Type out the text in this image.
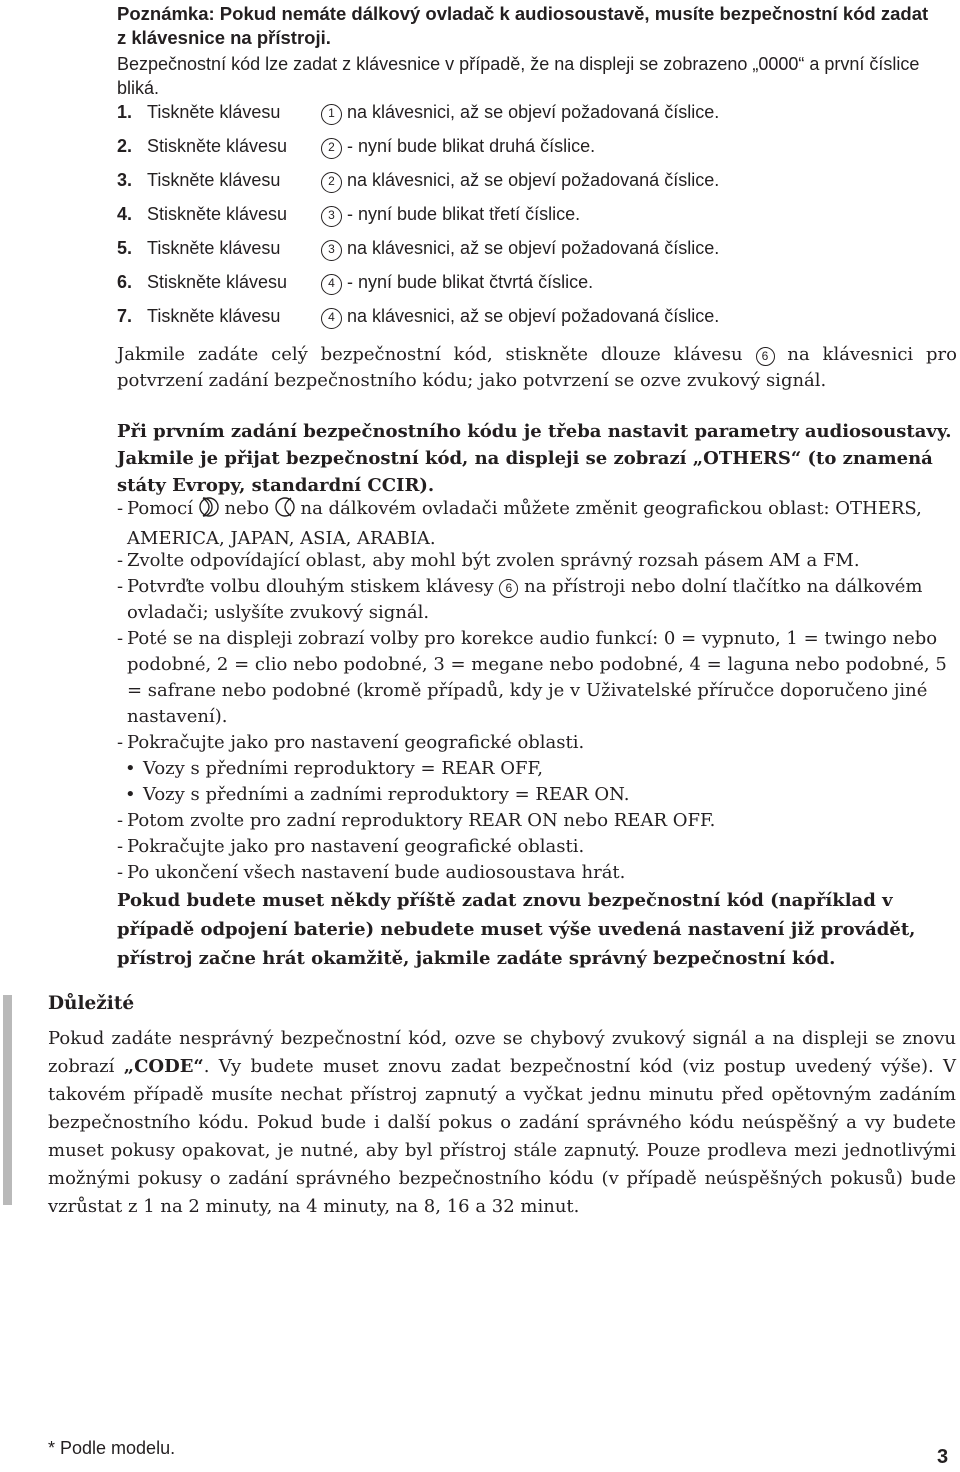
Poznámka: Pokud nemáte dálkový ovladač k audiosoustavě, musíte bezpečnostní kód zadat z klávesnice na přístroji.
Bezpečnostní kód lze zadat z klávesnice v případě, že na displeji se zobrazeno „0000“ a první číslice bliká.
1. Tiskněte klávesu	1 na klávesnici, až se objeví požadovaná číslice.
2. Stiskněte klávesu	2 - nyní bude blikat druhá číslice.
3. Tiskněte klávesu	2 na klávesnici, až se objeví požadovaná číslice.
4. Stiskněte klávesu	3 - nyní bude blikat třetí číslice.
5. Tiskněte klávesu	3 na klávesnici, až se objeví požadovaná číslice.
6. Stiskněte klávesu	4 - nyní bude blikat čtvrtá číslice.
7. Tiskněte klávesu	4 na klávesnici, až se objeví požadovaná číslice.
Jakmile zadáte celý bezpečnostní kód, stiskněte dlouze klávesu 6 na klávesnici pro potvrzení zadání bezpečnostního kódu; jako potvrzení se ozve zvukový signál.
Při prvním zadání bezpečnostního kódu je třeba nastavit parametry audiosoustavy.
Jakmile je přijat bezpečnostní kód, na displeji se zobrazí „OTHERS“ (to znamená státy Evropy, standardní CCIR).
- Pomocí nebo na dálkovém ovladači můžete změnit geografickou oblast: OTHERS, AMERICA, JAPAN, ASIA, ARABIA.
- Zvolte odpovídající oblast, aby mohl být zvolen správný rozsah pásem AM a FM.
- Potvrďte volbu dlouhým stiskem klávesy 6 na přístroji nebo dolní tlačítko na dálkovém ovladači; uslyšíte zvukový signál.
- Poté se na displeji zobrazí volby pro korekce audio funkcí: 0 = vypnuto, 1 = twingo nebo podobné, 2 = clio nebo podobné, 3 = megane nebo podobné, 4 = laguna nebo podobné, 5 = safrane nebo podobné (kromě případů, kdy je v Uživatelské příručce doporučeno jiné nastavení).
- Pokračujte jako pro nastavení geografické oblasti.
• Vozy s předními reproduktory = REAR OFF,
• Vozy s předními a zadními reproduktory = REAR ON.
- Potom zvolte pro zadní reproduktory REAR ON nebo REAR OFF.
- Pokračujte jako pro nastavení geografické oblasti.
- Po ukončení všech nastavení bude audiosoustava hrát.
Pokud budete muset někdy příště zadat znovu bezpečnostní kód (například v případě odpojení baterie) nebudete muset výše uvedená nastavení již provádět, přístroj začne hrát okamžitě, jakmile zadáte správný bezpečnostní kód.
Důležité
Pokud zadáte nesprávný bezpečnostní kód, ozve se chybový zvukový signál a na displeji se znovu zobrazí „CODE“. Vy budete muset znovu zadat bezpečnostní kód (viz postup uvedený výše). V takovém případě musíte nechat přístroj zapnutý a vyčkat jednu minutu před opětovným zadáním bezpečnostního kódu. Pokud bude i další pokus o zadání správného kódu neúspěšný a vy budete muset pokusy opakovat, je nutné, aby byl přístroj stále zapnutý. Pouze prodleva mezi jednotlivými možnými pokusy o zadání správného bezpečnostního kódu (v případě neúspěšných pokusů) bude vzrůstat z 1 na 2 minuty, na 4 minuty, na 8, 16 a 32 minut.
* Podle modelu.	3
